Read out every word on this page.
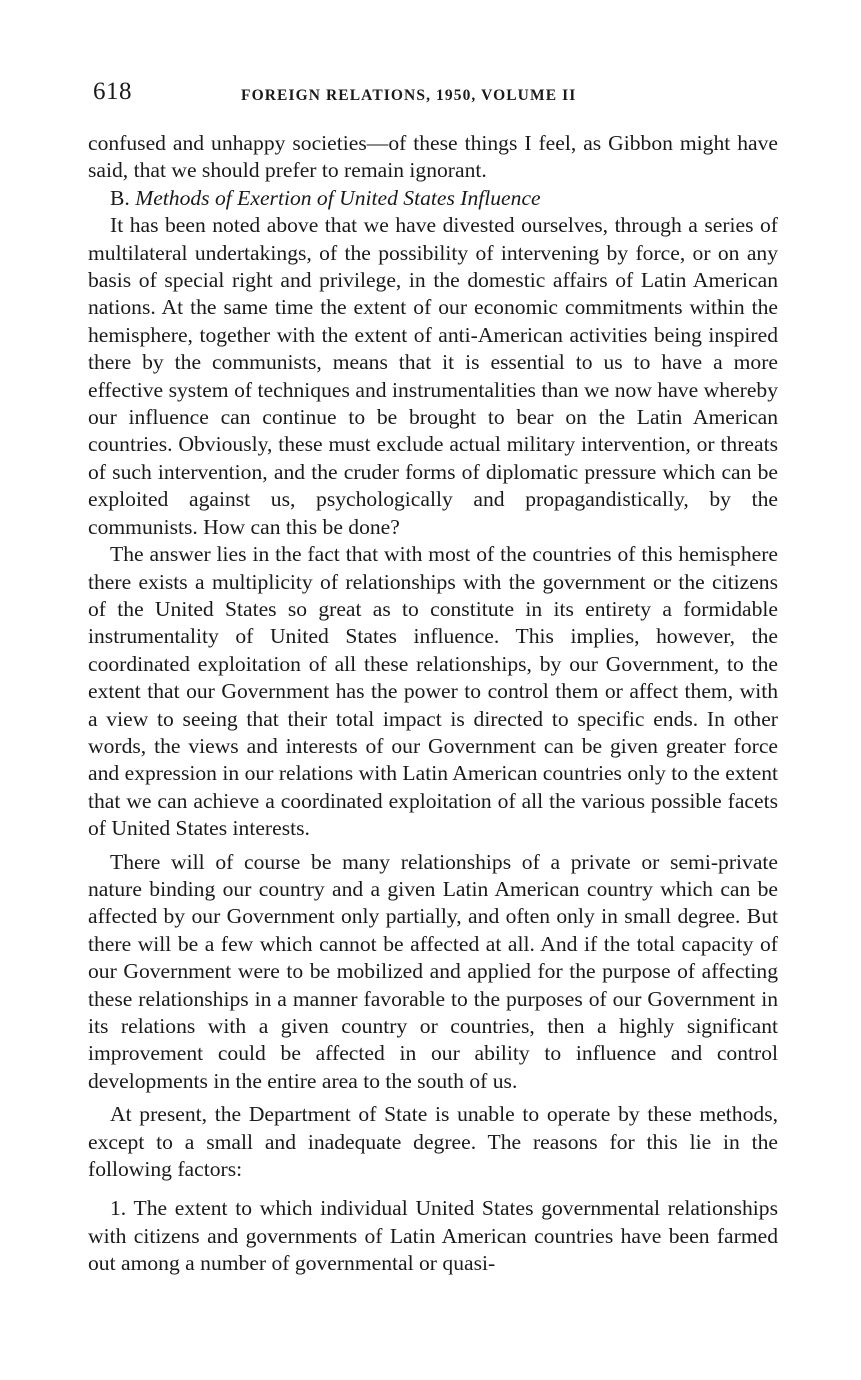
618	FOREIGN RELATIONS, 1950, VOLUME II

confused and unhappy societies—of these things I feel, as Gibbon might have said, that we should prefer to remain ignorant.

B. Methods of Exertion of United States Influence

It has been noted above that we have divested ourselves, through a series of multilateral undertakings, of the possibility of intervening by force, or on any basis of special right and privilege, in the domestic affairs of Latin American nations. At the same time the extent of our economic commitments within the hemisphere, together with the extent of anti-American activities being inspired there by the communists, means that it is essential to us to have a more effective system of techniques and instrumentalities than we now have whereby our influence can continue to be brought to bear on the Latin American countries. Obviously, these must exclude actual military intervention, or threats of such intervention, and the cruder forms of diplomatic pressure which can be exploited against us, psychologically and propagandistically, by the communists. How can this be done?

The answer lies in the fact that with most of the countries of this hemisphere there exists a multiplicity of relationships with the government or the citizens of the United States so great as to constitute in its entirety a formidable instrumentality of United States influence. This implies, however, the coordinated exploitation of all these relationships, by our Government, to the extent that our Government has the power to control them or affect them, with a view to seeing that their total impact is directed to specific ends. In other words, the views and interests of our Government can be given greater force and expression in our relations with Latin American countries only to the extent that we can achieve a coordinated exploitation of all the various possible facets of United States interests.

There will of course be many relationships of a private or semi-private nature binding our country and a given Latin American country which can be affected by our Government only partially, and often only in small degree. But there will be a few which cannot be affected at all. And if the total capacity of our Government were to be mobilized and applied for the purpose of affecting these relationships in a manner favorable to the purposes of our Government in its relations with a given country or countries, then a highly significant improvement could be affected in our ability to influence and control developments in the entire area to the south of us.

At present, the Department of State is unable to operate by these methods, except to a small and inadequate degree. The reasons for this lie in the following factors:

1. The extent to which individual United States governmental relationships with citizens and governments of Latin American countries have been farmed out among a number of governmental or quasi-
